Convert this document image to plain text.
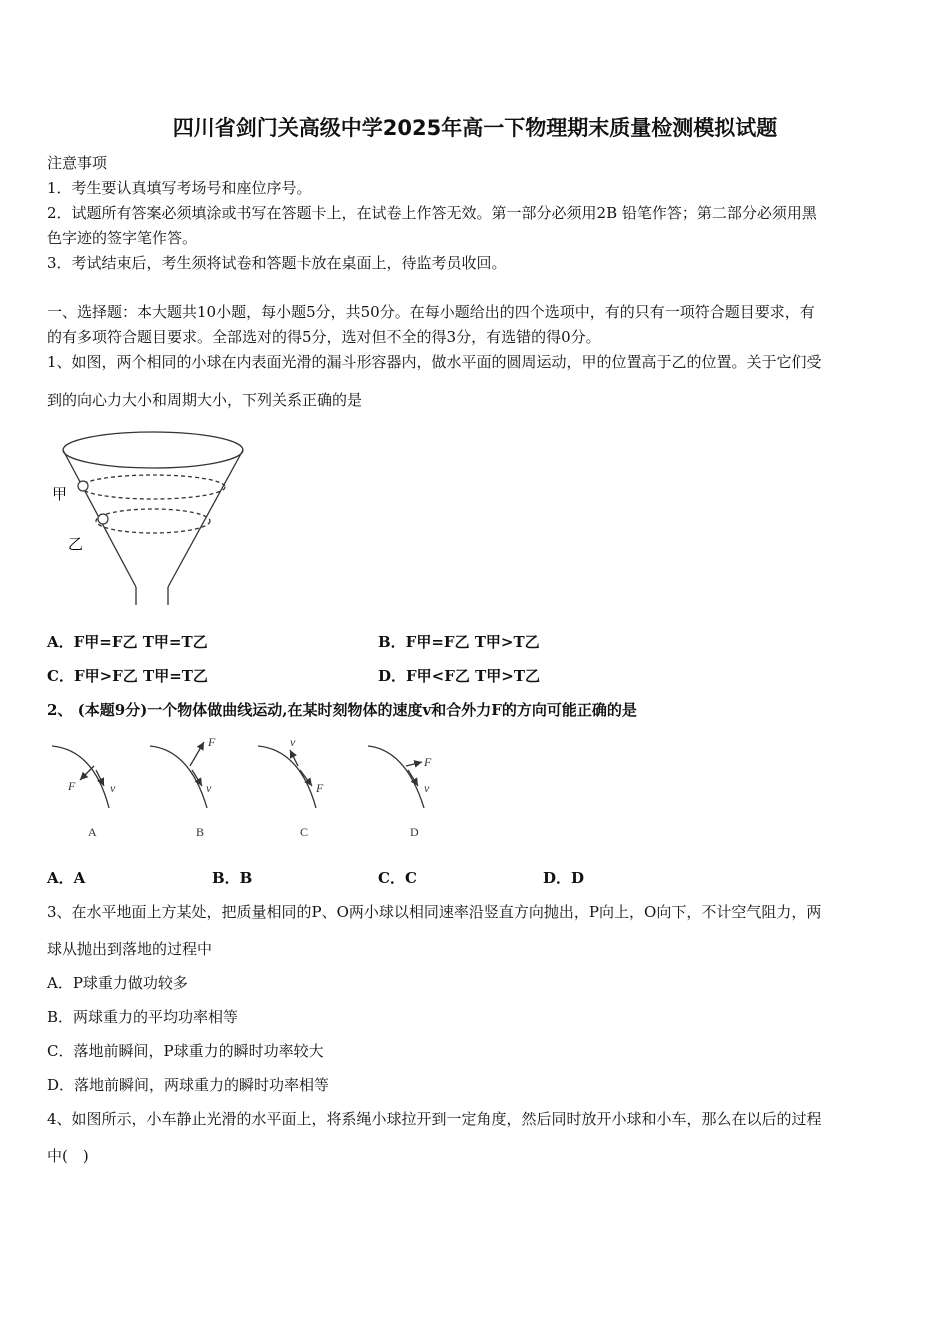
四川省剑门关高级中学2025年高一下物理期末质量检测模拟试题
注意事项
1．考生要认真填写考场号和座位序号。
2．试题所有答案必须填涂或书写在答题卡上，在试卷上作答无效。第一部分必须用2B 铅笔作答；第二部分必须用黑
色字迹的签字笔作答。
3．考试结束后，考生须将试卷和答题卡放在桌面上，待监考员收回。
一、选择题：本大题共10小题，每小题5分，共50分。在每小题给出的四个选项中，有的只有一项符合题目要求，有
的有多项符合题目要求。全部选对的得5分，选对但不全的得3分，有选错的得0分。
1、如图，两个相同的小球在内表面光滑的漏斗形容器内，做水平面的圆周运动，甲的位置高于乙的位置。关于它们受
到的向心力大小和周期大小，下列关系正确的是
甲
乙
A．F甲=F乙 T甲=T乙	B．F甲=F乙 T甲>T乙
C．F甲>F乙 T甲=T乙	D．F甲<F乙 T甲>T乙
2、 (本题9分)一个物体做曲线运动,在某时刻物体的速度v和合外力F的方向可能正确的是
F	v
F
v
v
F
F
v
A	B	C	D
A．A	B．B	C．C	D．D
3、在水平地面上方某处，把质量相同的P、O两小球以相同速率沿竖直方向抛出，P向上，O向下，不计空气阻力，两
球从抛出到落地的过程中
A．P球重力做功较多
B．两球重力的平均功率相等
C．落地前瞬间，P球重力的瞬时功率较大
D．落地前瞬间，两球重力的瞬时功率相等
4、如图所示，小车静止光滑的水平面上，将系绳小球拉开到一定角度，然后同时放开小球和小车，那么在以后的过程
中(　)
